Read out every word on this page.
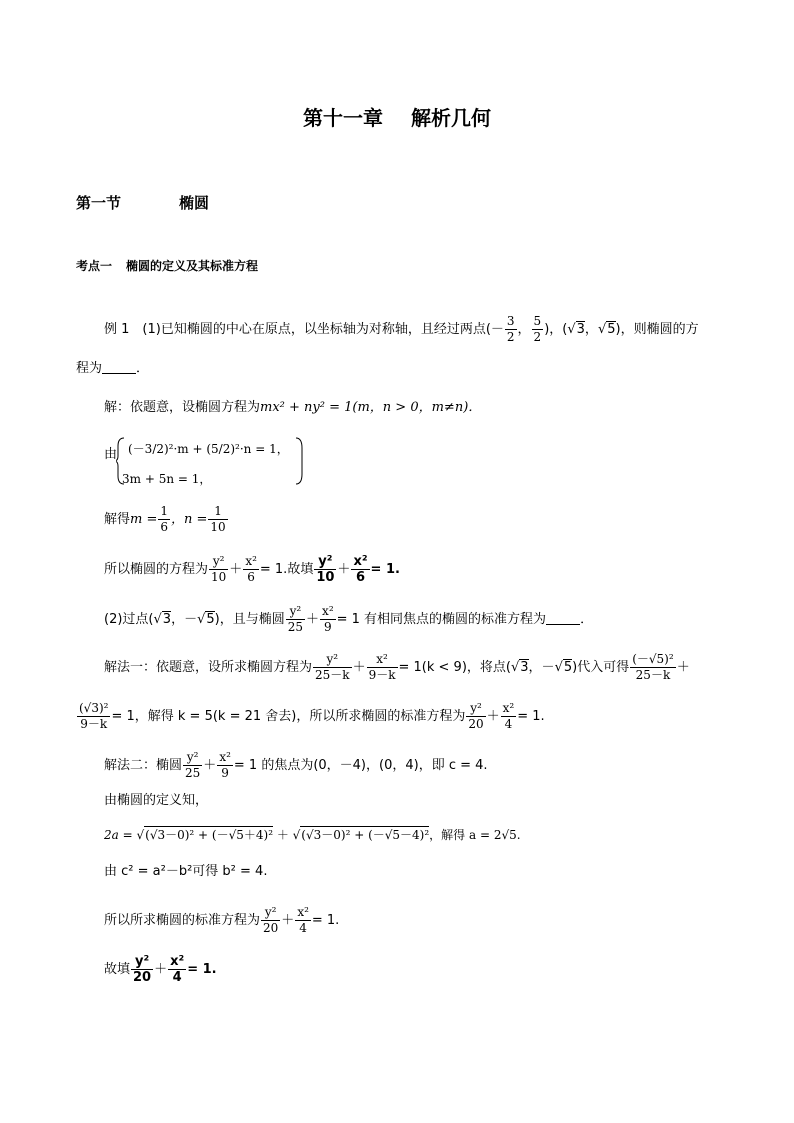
第十一章 解析几何
第一节	椭圆
考点一 椭圆的定义及其标准方程
例 1　(1)已知椭圆的中心在原点，以坐标轴为对称轴，且经过两点(－ $\frac{3}{2}$ ， $\frac{5}{2}$ )，(√3，√5)，则椭圆的方
程为	．
解：依题意，设椭圆方程为mx² + ny² = 1(m，n > 0，m≠n)．
由 (－3/2)²·m + (5/2)²·n = 1，
3m + 5n = 1，
解得$m = \frac{1}{6}$ ，$n = \frac{1}{10}$
所以椭圆的方程为 $\frac{\text{y²}}{10} + \frac{\text{x²}}{6} = 1$.故填 $\frac{\text{y²}}{10} + \frac{\text{x²}}{6} = 1$.
(2)过点(√3，－√5)，且与椭圆 $\frac{\text{y²}}{25} + \frac{\text{x²}}{9} = 1$ 有相同焦点的椭圆的标准方程为	．
解法一：依题意，设所求椭圆方程为 $\frac{\text{y²}}{25-k} + \frac{\text{x²}}{9-k} = 1(k < 9)$，将点(√3，－√5)代入可得 $\frac{\text{(－√5)²}}{25-k}$ ＋
$\frac{\text{(√3)²}}{9-k} = 1$，解得 k = 5(k = 21 舍去)，所以所求椭圆的标准方程为 $\frac{\text{y²}}{20} + \frac{\text{x²}}{4} = 1$.
解法二：椭圆 $\frac{\text{y²}}{25} + \frac{\text{x²}}{9} = 1$ 的焦点为(0，－4)，(0，4)，即 c = 4.
由椭圆的定义知，
2a = √(√3－0)² + (－√5＋4)² ＋ √(√3－0)² + (－√5－4)²，解得 a = 2√5.
由 c² = a²－b²可得 b² = 4.
所以所求椭圆的标准方程为 $\frac{\text{y²}}{20} + \frac{\text{x²}}{4} = 1$.
故填 $\frac{\text{y²}}{20} + \frac{\text{x²}}{4} = 1$.
